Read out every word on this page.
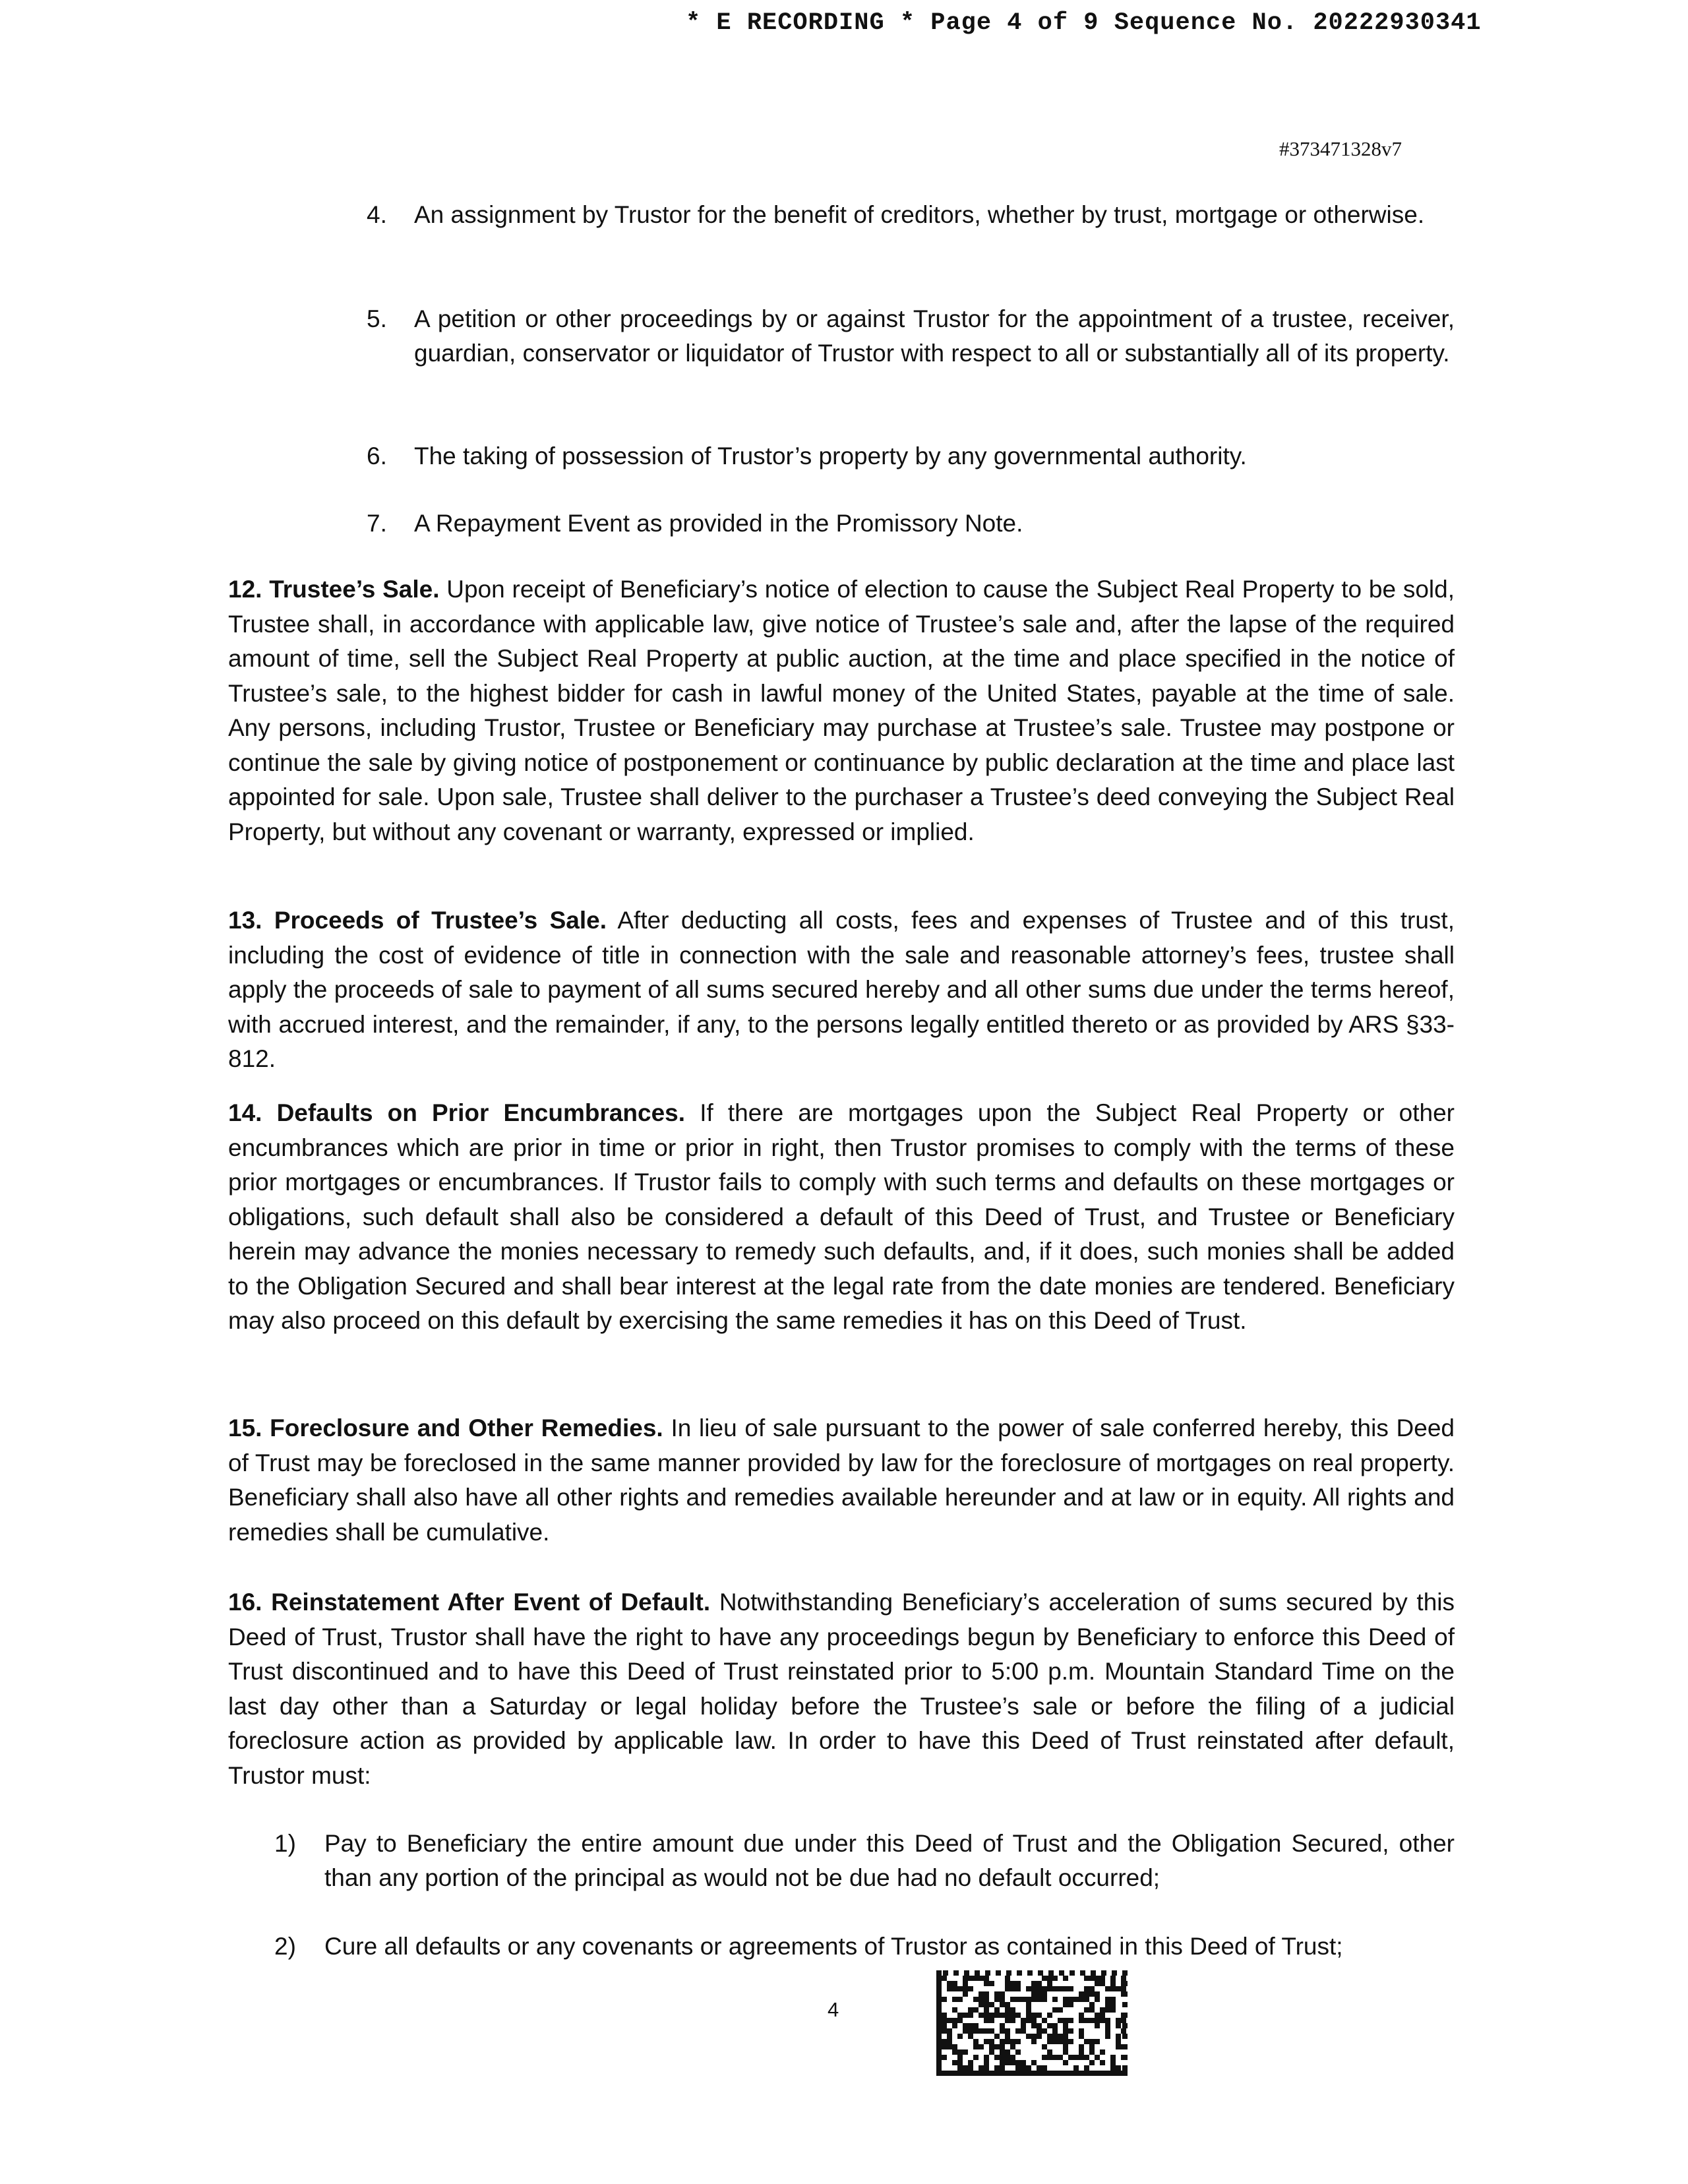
* E RECORDING * Page 4 of 9 Sequence No. 20222930341
#373471328v7
4. An assignment by Trustor for the benefit of creditors, whether by trust, mortgage or otherwise.
5. A petition or other proceedings by or against Trustor for the appointment of a trustee, receiver, guardian, conservator or liquidator of Trustor with respect to all or substantially all of its property.
6. The taking of possession of Trustor’s property by any governmental authority.
7. A Repayment Event as provided in the Promissory Note.
12. Trustee’s Sale. Upon receipt of Beneficiary’s notice of election to cause the Subject Real Property to be sold, Trustee shall, in accordance with applicable law, give notice of Trustee’s sale and, after the lapse of the required amount of time, sell the Subject Real Property at public auction, at the time and place specified in the notice of Trustee’s sale, to the highest bidder for cash in lawful money of the United States, payable at the time of sale. Any persons, including Trustor, Trustee or Beneficiary may purchase at Trustee’s sale. Trustee may postpone or continue the sale by giving notice of postponement or continuance by public declaration at the time and place last appointed for sale. Upon sale, Trustee shall deliver to the purchaser a Trustee’s deed conveying the Subject Real Property, but without any covenant or warranty, expressed or implied.
13. Proceeds of Trustee’s Sale. After deducting all costs, fees and expenses of Trustee and of this trust, including the cost of evidence of title in connection with the sale and reasonable attorney’s fees, trustee shall apply the proceeds of sale to payment of all sums secured hereby and all other sums due under the terms hereof, with accrued interest, and the remainder, if any, to the persons legally entitled thereto or as provided by ARS §33-812.
14. Defaults on Prior Encumbrances. If there are mortgages upon the Subject Real Property or other encumbrances which are prior in time or prior in right, then Trustor promises to comply with the terms of these prior mortgages or encumbrances. If Trustor fails to comply with such terms and defaults on these mortgages or obligations, such default shall also be considered a default of this Deed of Trust, and Trustee or Beneficiary herein may advance the monies necessary to remedy such defaults, and, if it does, such monies shall be added to the Obligation Secured and shall bear interest at the legal rate from the date monies are tendered. Beneficiary may also proceed on this default by exercising the same remedies it has on this Deed of Trust.
15. Foreclosure and Other Remedies. In lieu of sale pursuant to the power of sale conferred hereby, this Deed of Trust may be foreclosed in the same manner provided by law for the foreclosure of mortgages on real property. Beneficiary shall also have all other rights and remedies available hereunder and at law or in equity. All rights and remedies shall be cumulative.
16. Reinstatement After Event of Default. Notwithstanding Beneficiary’s acceleration of sums secured by this Deed of Trust, Trustor shall have the right to have any proceedings begun by Beneficiary to enforce this Deed of Trust discontinued and to have this Deed of Trust reinstated prior to 5:00 p.m. Mountain Standard Time on the last day other than a Saturday or legal holiday before the Trustee’s sale or before the filing of a judicial foreclosure action as provided by applicable law. In order to have this Deed of Trust reinstated after default, Trustor must:
1) Pay to Beneficiary the entire amount due under this Deed of Trust and the Obligation Secured, other than any portion of the principal as would not be due had no default occurred;
2) Cure all defaults or any covenants or agreements of Trustor as contained in this Deed of Trust;
4
